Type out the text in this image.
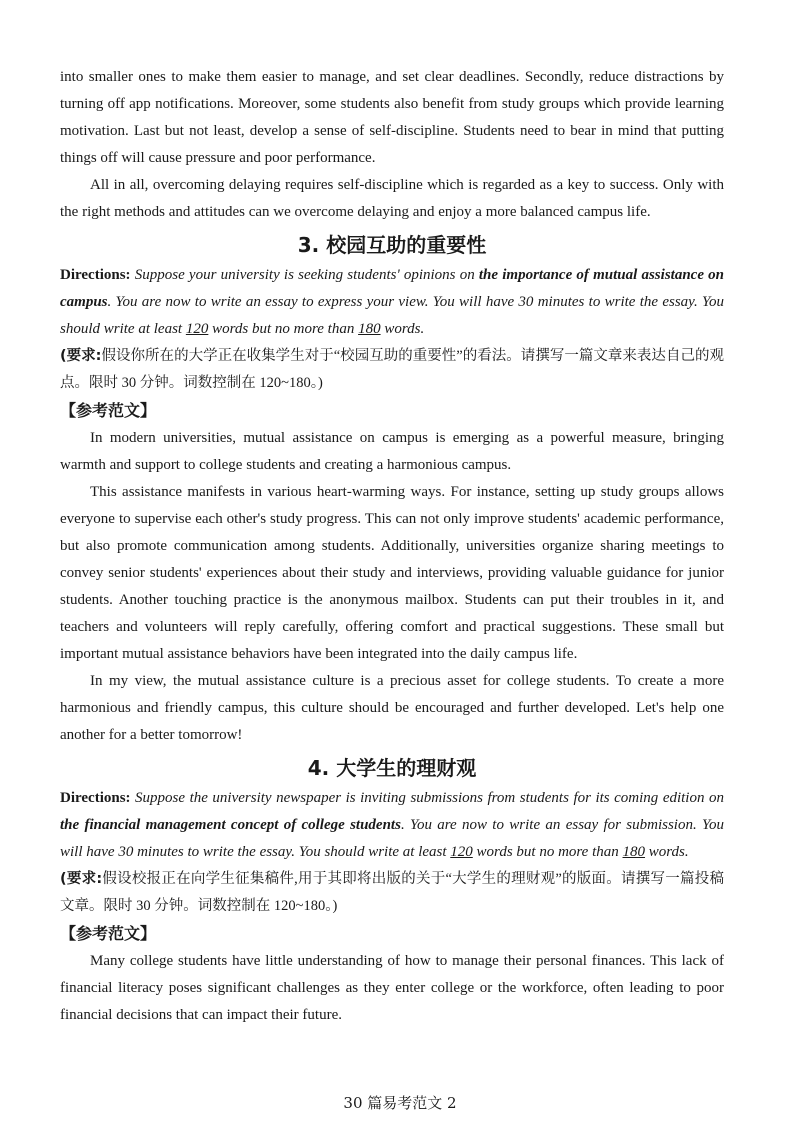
into smaller ones to make them easier to manage, and set clear deadlines. Secondly, reduce distractions by turning off app notifications. Moreover, some students also benefit from study groups which provide learning motivation. Last but not least, develop a sense of self-discipline. Students need to bear in mind that putting things off will cause pressure and poor performance.

All in all, overcoming delaying requires self-discipline which is regarded as a key to success. Only with the right methods and attitudes can we overcome delaying and enjoy a more balanced campus life.

3. 校园互助的重要性

Directions: Suppose your university is seeking students' opinions on the importance of mutual assistance on campus. You are now to write an essay to express your view. You will have 30 minutes to write the essay. You should write at least 120 words but no more than 180 words.

(要求:假设你所在的大学正在收集学生对于“校园互助的重要性”的看法。请撰写一篇文章来表达自己的观点。限时 30 分钟。词数控制在 120~180。)

【参考范文】

In modern universities, mutual assistance on campus is emerging as a powerful measure, bringing warmth and support to college students and creating a harmonious campus.

This assistance manifests in various heart-warming ways. For instance, setting up study groups allows everyone to supervise each other's study progress. This can not only improve students' academic performance, but also promote communication among students. Additionally, universities organize sharing meetings to convey senior students' experiences about their study and interviews, providing valuable guidance for junior students. Another touching practice is the anonymous mailbox. Students can put their troubles in it, and teachers and volunteers will reply carefully, offering comfort and practical suggestions. These small but important mutual assistance behaviors have been integrated into the daily campus life.

In my view, the mutual assistance culture is a precious asset for college students. To create a more harmonious and friendly campus, this culture should be encouraged and further developed. Let's help one another for a better tomorrow!

4. 大学生的理财观

Directions: Suppose the university newspaper is inviting submissions from students for its coming edition on the financial management concept of college students. You are now to write an essay for submission. You will have 30 minutes to write the essay. You should write at least 120 words but no more than 180 words.

(要求:假设校报正在向学生征集稿件,用于其即将出版的关于“大学生的理财观”的版面。请撰写一篇投稿文章。限时 30 分钟。词数控制在 120~180。)

【参考范文】

Many college students have little understanding of how to manage their personal finances. This lack of financial literacy poses significant challenges as they enter college or the workforce, often leading to poor financial decisions that can impact their future.

30 篇易考范文 2
